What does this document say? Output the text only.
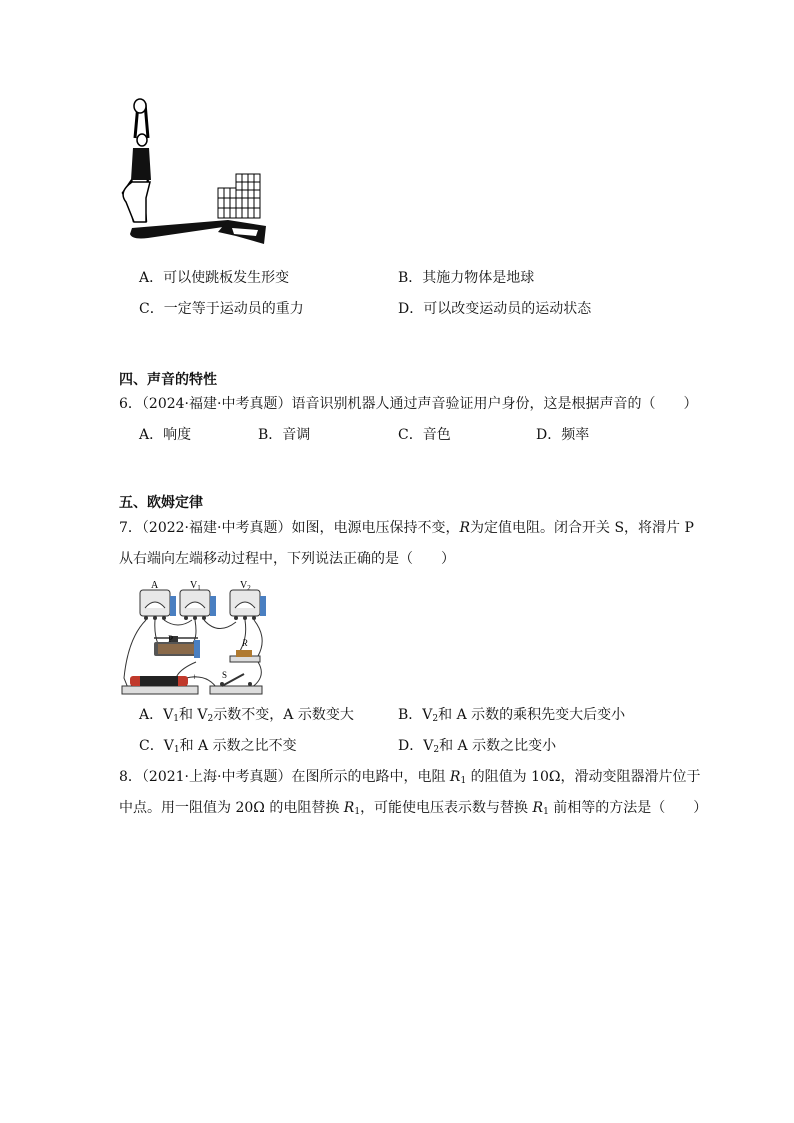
A．可以使跳板发生形变	B．其施力物体是地球
C．一定等于运动员的重力	D．可以改变运动员的运动状态
四、声音的特性
6．（2024·福建·中考真题）语音识别机器人通过声音验证用户身份，这是根据声音的（　　）
A．响度	B．音调	C．音色	D．频率
五、欧姆定律
7．（2022·福建·中考真题）如图，电源电压保持不变，R为定值电阻。闭合开关 S，将滑片 P
从右端向左端移动过程中，下列说法正确的是（　　）
A	$V_1$	$V_2$
P	R
S
+
A．$V_1$和 $V_2$示数不变，A 示数变大	B．$V_2$和 A 示数的乘积先变大后变小
C．$V_1$和 A 示数之比不变	D．$V_2$和 A 示数之比变小
8．（2021·上海·中考真题）在图所示的电路中，电阻 $R_1$ 的阻值为 10Ω，滑动变阻器滑片位于
中点。用一阻值为 20Ω 的电阻替换 $R_1$，可能使电压表示数与替换 $R_1$ 前相等的方法是（　　）
